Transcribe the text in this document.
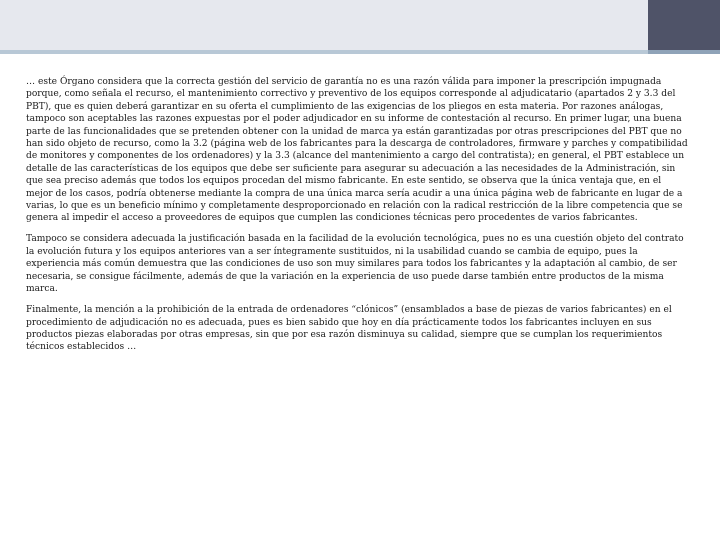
… este Órgano considera que la correcta gestión del servicio de garantía no es una razón válida para imponer la prescripción impugnada porque, como señala el recurso, el mantenimiento correctivo y preventivo de los equipos corresponde al adjudicatario (apartados 2 y 3.3 del PBT), que es quien deberá garantizar en su oferta el cumplimiento de las exigencias de los pliegos en esta materia. Por razones análogas, tampoco son aceptables las razones expuestas por el poder adjudicador en su informe de contestación al recurso. En primer lugar, una buena parte de las funcionalidades que se pretenden obtener con la unidad de marca ya están garantizadas por otras prescripciones del PBT que no han sido objeto de recurso, como la 3.2 (página web de los fabricantes para la descarga de controladores, firmware y parches y compatibilidad de monitores y componentes de los ordenadores) y la 3.3 (alcance del mantenimiento a cargo del contratista); en general, el PBT establece un detalle de las características de los equipos que debe ser suficiente para asegurar su adecuación a las necesidades de la Administración, sin que sea preciso además que todos los equipos procedan del mismo fabricante. En este sentido, se observa que la única ventaja que, en el mejor de los casos, podría obtenerse mediante la compra de una única marca sería acudir a una única página web de fabricante en lugar de a varias, lo que es un beneficio mínimo y completamente desproporcionado en relación con la radical restricción de la libre competencia que se genera al impedir el acceso a proveedores de equipos que cumplen las condiciones técnicas pero procedentes de varios fabricantes.

Tampoco se considera adecuada la justificación basada en la facilidad de la evolución tecnológica, pues no es una cuestión objeto del contrato la evolución futura y los equipos anteriores van a ser íntegramente sustituidos, ni la usabilidad cuando se cambia de equipo, pues la experiencia más común demuestra que las condiciones de uso son muy similares para todos los fabricantes y la adaptación al cambio, de ser necesaria, se consigue fácilmente, además de que la variación en la experiencia de uso puede darse también entre productos de la misma marca.

Finalmente, la mención a la prohibición de la entrada de ordenadores “clónicos” (ensamblados a base de piezas de varios fabricantes) en el procedimiento de adjudicación no es adecuada, pues es bien sabido que hoy en día prácticamente todos los fabricantes incluyen en sus productos piezas elaboradas por otras empresas, sin que por esa razón disminuya su calidad, siempre que se cumplan los requerimientos técnicos establecidos …
